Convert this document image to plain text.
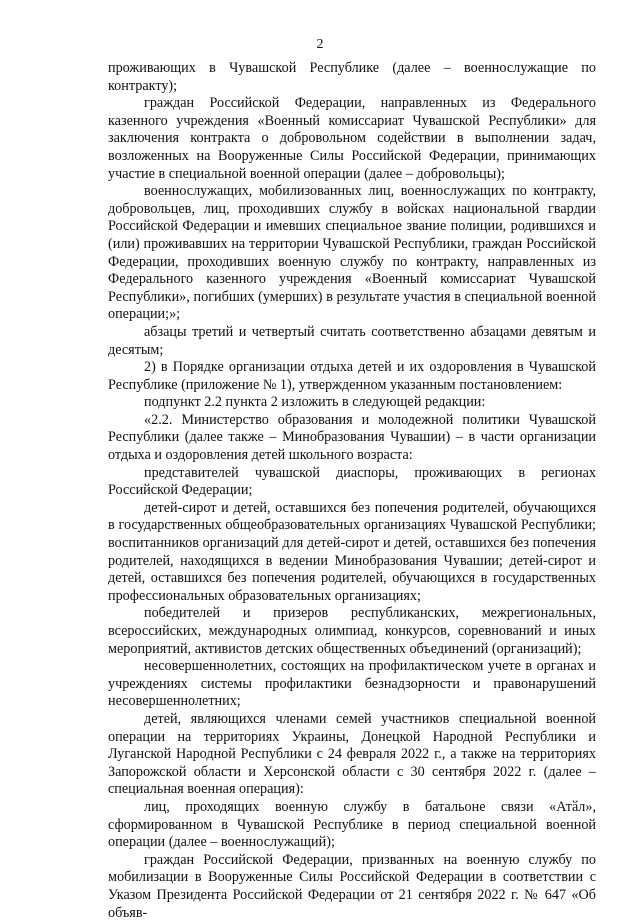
2

проживающих в Чувашской Республике (далее – военнослужащие по контракту);

граждан Российской Федерации, направленных из Федерального казенного учреждения «Военный комиссариат Чувашской Республики» для заключения контракта о добровольном содействии в выполнении задач, возложенных на Вооруженные Силы Российской Федерации, принимающих участие в специальной военной операции (далее – добровольцы);

военнослужащих, мобилизованных лиц, военнослужащих по контракту, добровольцев, лиц, проходивших службу в войсках национальной гвардии Российской Федерации и имевших специальное звание полиции, родившихся и (или) проживавших на территории Чувашской Республики, граждан Российской Федерации, проходивших военную службу по контракту, направленных из Федерального казенного учреждения «Военный комиссариат Чувашской Республики», погибших (умерших) в результате участия в специальной военной операции;»;

абзацы третий и четвертый считать соответственно абзацами девятым и десятым;

2) в Порядке организации отдыха детей и их оздоровления в Чувашской Республике (приложение № 1), утвержденном указанным постановлением:

подпункт 2.2 пункта 2 изложить в следующей редакции:

«2.2. Министерство образования и молодежной политики Чувашской Республики (далее также – Минобразования Чувашии) – в части организации отдыха и оздоровления детей школьного возраста:

представителей чувашской диаспоры, проживающих в регионах Российской Федерации;

детей-сирот и детей, оставшихся без попечения родителей, обучающихся в государственных общеобразовательных организациях Чувашской Республики; воспитанников организаций для детей-сирот и детей, оставшихся без попечения родителей, находящихся в ведении Минобразования Чувашии; детей-сирот и детей, оставшихся без попечения родителей, обучающихся в государственных профессиональных образовательных организациях;

победителей и призеров республиканских, межрегиональных, всероссийских, международных олимпиад, конкурсов, соревнований и иных мероприятий, активистов детских общественных объединений (организаций);

несовершеннолетних, состоящих на профилактическом учете в органах и учреждениях системы профилактики безнадзорности и правонарушений несовершеннолетних;

детей, являющихся членами семей участников специальной военной операции на территориях Украины, Донецкой Народной Республики и Луганской Народной Республики с 24 февраля 2022 г., а также на территориях Запорожской области и Херсонской области с 30 сентября 2022 г. (далее – специальная военная операция):

лиц, проходящих военную службу в батальоне связи «Атӑл», сформированном в Чувашской Республике в период специальной военной операции (далее – военнослужащий);

граждан Российской Федерации, призванных на военную службу по мобилизации в Вооруженные Силы Российской Федерации в соответствии с Указом Президента Российской Федерации от 21 сентября 2022 г. № 647 «Об объяв-
